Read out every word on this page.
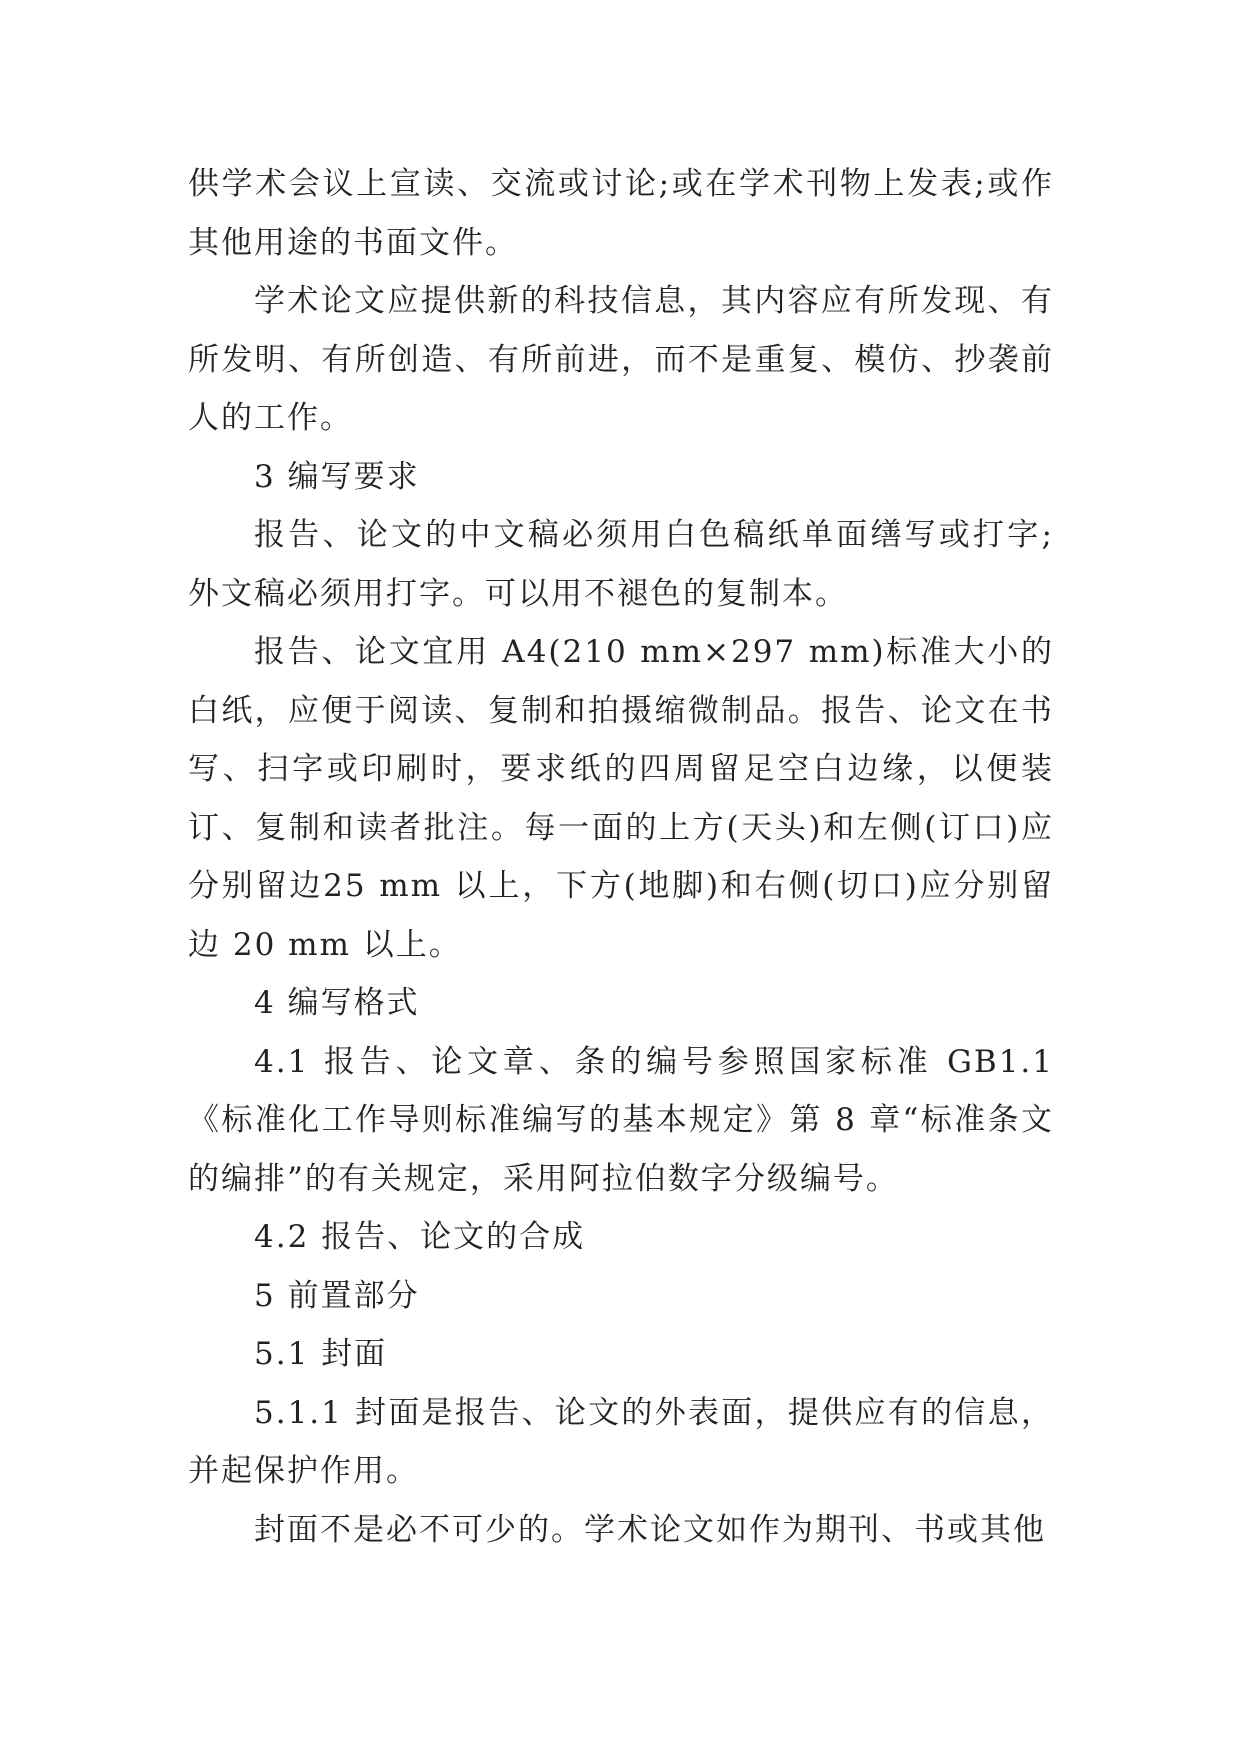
供学术会议上宣读、交流或讨论;或在学术刊物上发表;或作其他用途的书面文件。

学术论文应提供新的科技信息，其内容应有所发现、有所发明、有所创造、有所前进，而不是重复、模仿、抄袭前人的工作。

3 编写要求

报告、论文的中文稿必须用白色稿纸单面缮写或打字;外文稿必须用打字。可以用不褪色的复制本。

报告、论文宜用 A4(210 mm×297 mm)标准大小的白纸，应便于阅读、复制和拍摄缩微制品。报告、论文在书写、扫字或印刷时，要求纸的四周留足空白边缘，以便装订、复制和读者批注。每一面的上方(天头)和左侧(订口)应分别留边25 mm 以上，下方(地脚)和右侧(切口)应分别留边 20 mm 以上。

4 编写格式

4.1 报告、论文章、条的编号参照国家标准 GB1.1《标准化工作导则标准编写的基本规定》第 8 章“标准条文的编排”的有关规定，采用阿拉伯数字分级编号。

4.2 报告、论文的合成

5 前置部分

5.1 封面

5.1.1 封面是报告、论文的外表面，提供应有的信息，并起保护作用。

封面不是必不可少的。学术论文如作为期刊、书或其他
